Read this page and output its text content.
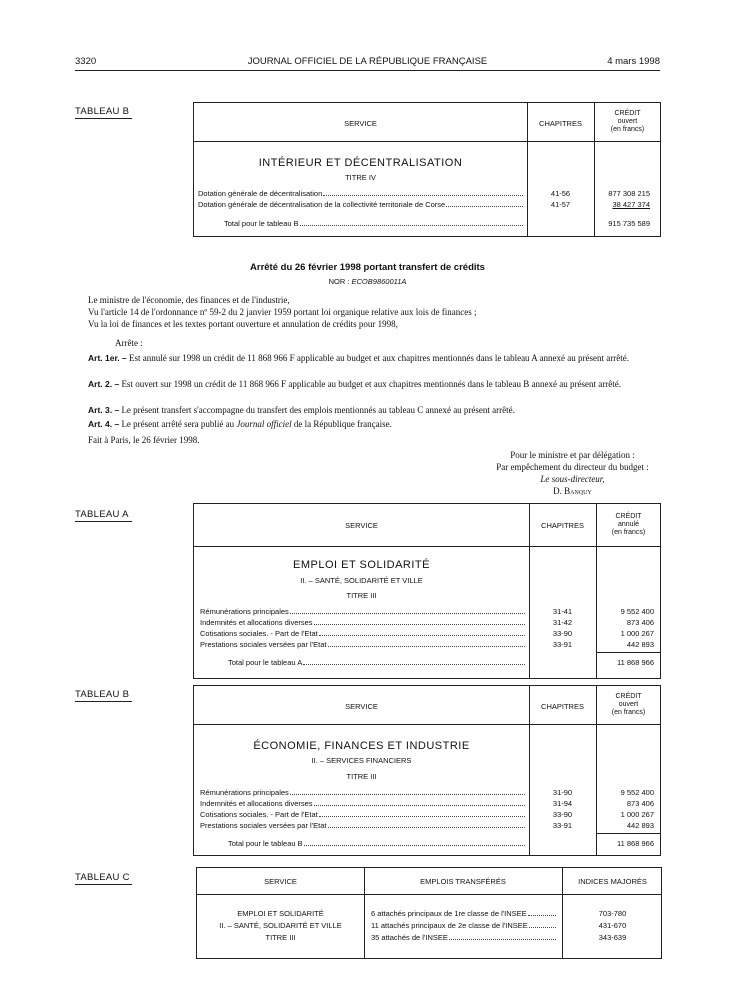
3320	JOURNAL OFFICIEL DE LA RÉPUBLIQUE FRANÇAISE	4 mars 1998
TABLEAU B
SERVICE	CHAPITRES
CRÉDIT
ouvert
(en francs)
INTÉRIEUR ET DÉCENTRALISATION
TITRE IV
Dotation générale de décentralisation	41-56	877 308 215
Dotation générale de décentralisation de la collectivité territoriale de Corse	41-57	38 427 374
Total pour le tableau B	915 735 589
Arrêté du 26 février 1998 portant transfert de crédits
NOR : ECOB9860011A
Le ministre de l'économie, des finances et de l'industrie,
Vu l'article 14 de l'ordonnance nº 59-2 du 2 janvier 1959 portant loi organique relative aux lois de finances ;
Vu la loi de finances et les textes portant ouverture et annulation de crédits pour 1998,
Arrête :
Art. 1er. – Est annulé sur 1998 un crédit de 11 868 966 F applicable au budget et aux chapitres mentionnés dans le tableau A annexé au présent arrêté.
Art. 2. – Est ouvert sur 1998 un crédit de 11 868 966 F applicable au budget et aux chapitres mentionnés dans le tableau B annexé au présent arrêté.
Art. 3. – Le présent transfert s'accompagne du transfert des emplois mentionnés au tableau C annexé au présent arrêté.
Art. 4. – Le présent arrêté sera publié au Journal officiel de la République française.
Fait à Paris, le 26 février 1998.
Pour le ministre et par délégation :
Par empêchement du directeur du budget :
Le sous-directeur,
D. Banquy
TABLEAU A
SERVICE	CHAPITRES
CRÉDIT
annulé
(en francs)
EMPLOI ET SOLIDARITÉ
II. – SANTÉ, SOLIDARITÉ ET VILLE
TITRE III
Rémunérations principales	31-41	9 552 400
Indemnités et allocations diverses	31-42	873 406
Cotisations sociales. - Part de l'Etat	33-90	1 000 267
Prestations sociales versées par l'Etat	33-91	442 893
Total pour le tableau A	11 868 966
TABLEAU B
SERVICE	CHAPITRES
CRÉDIT
ouvert
(en francs)
ÉCONOMIE, FINANCES ET INDUSTRIE
II. – SERVICES FINANCIERS
TITRE III
Rémunérations principales	31-90	9 552 400
Indemnités et allocations diverses	31-94	873 406
Cotisations sociales. - Part de l'Etat	33-90	1 000 267
Prestations sociales versées par l'Etat	33-91	442 893
Total pour le tableau B	11 868 966
TABLEAU C	SERVICE	EMPLOIS TRANSFÉRÉS	INDICES MAJORÉS
EMPLOI ET SOLIDARITÉ
II. – SANTÉ, SOLIDARITÉ ET VILLE
TITRE III
6 attachés principaux de 1re classe de l'INSEE	703-780
11 attachés principaux de 2e classe de l'INSEE	431-670
35 attachés de l'INSEE	343-639
